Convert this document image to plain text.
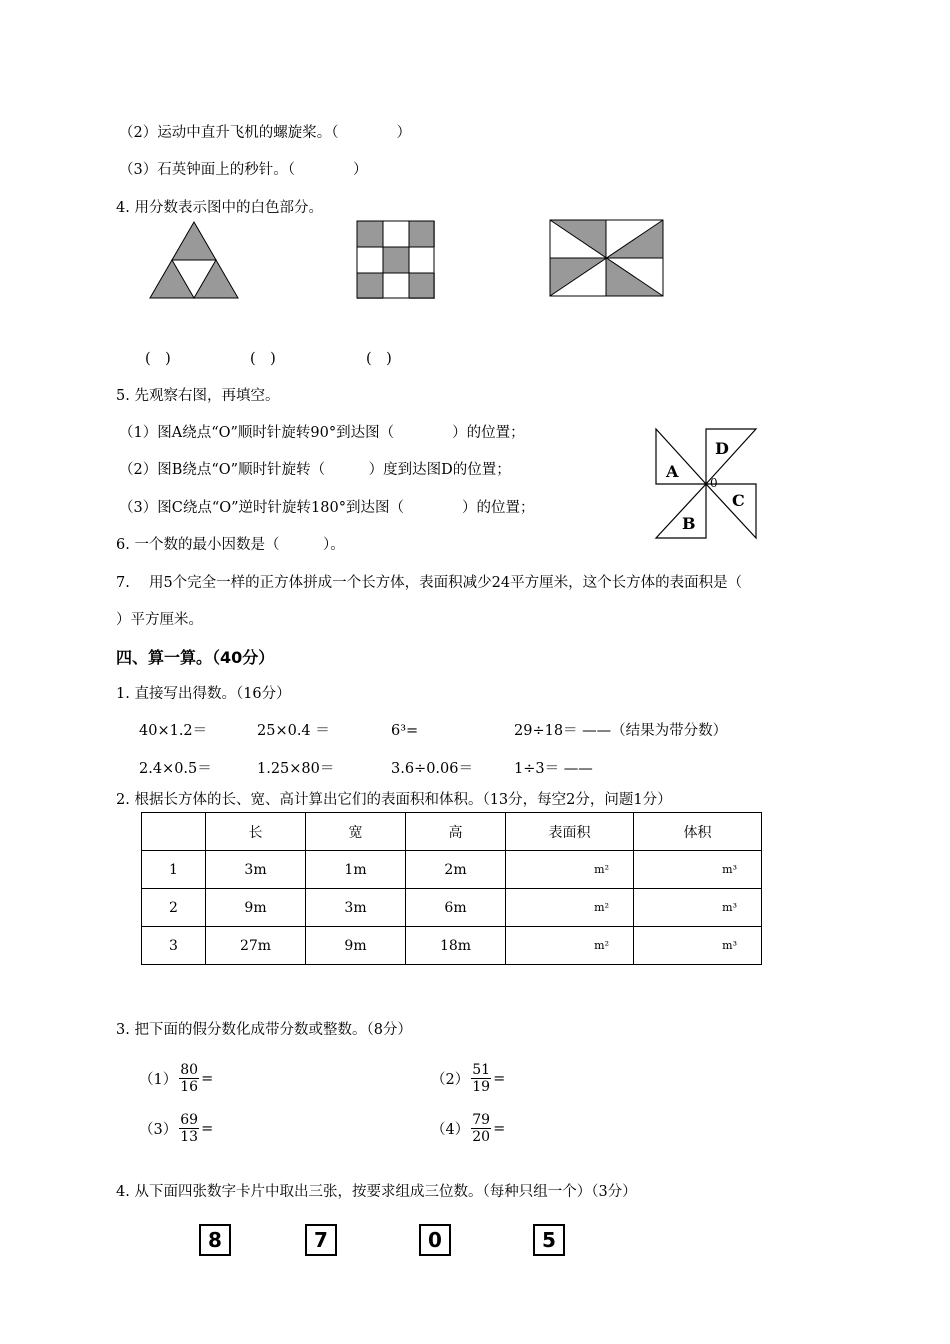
（2）运动中直升飞机的螺旋桨。（　　　　）
（3）石英钟面上的秒针。（　　　　）
4. 用分数表示图中的白色部分。
(　)	(　)	(　)
5. 先观察右图，再填空。
（1）图A绕点“O”顺时针旋转90°到达图（　　　　）的位置；
（2）图B绕点“O”顺时针旋转（　　　）度到达图D的位置；
（3）图C绕点“O”逆时针旋转180°到达图（　　　　）的位置；
A
D
C
B
0
6. 一个数的最小因数是（　　　）。
7.　 用5个完全一样的正方体拼成一个长方体，表面积减少24平方厘米，这个长方体的表面积是（
）平方厘米。
四、算一算。（40分）
1. 直接写出得数。（16分）
40×1.2＝	25×0.4 ＝	6³=	29÷18＝ ——（结果为带分数）
2.4×0.5＝	1.25×80＝	3.6÷0.06＝	1÷3＝ ——
2. 根据长方体的长、宽、高计算出它们的表面积和体积。（13分，每空2分，问题1分）
	长	宽	高	表面积	体积
1	3m	1m	2m	m²	m³
2	9m	3m	6m	m²	m³
3	27m	9m	18m	m²	m³
3. 把下面的假分数化成带分数或整数。（8分）
$(1) \frac{80}{16}$ =	$(2) \frac{51}{19}$ =
$(3) \frac{69}{13}$ =	$(4) \frac{79}{20}$ =
4. 从下面四张数字卡片中取出三张，按要求组成三位数。（每种只组一个）（3分）
8	7	0	5
